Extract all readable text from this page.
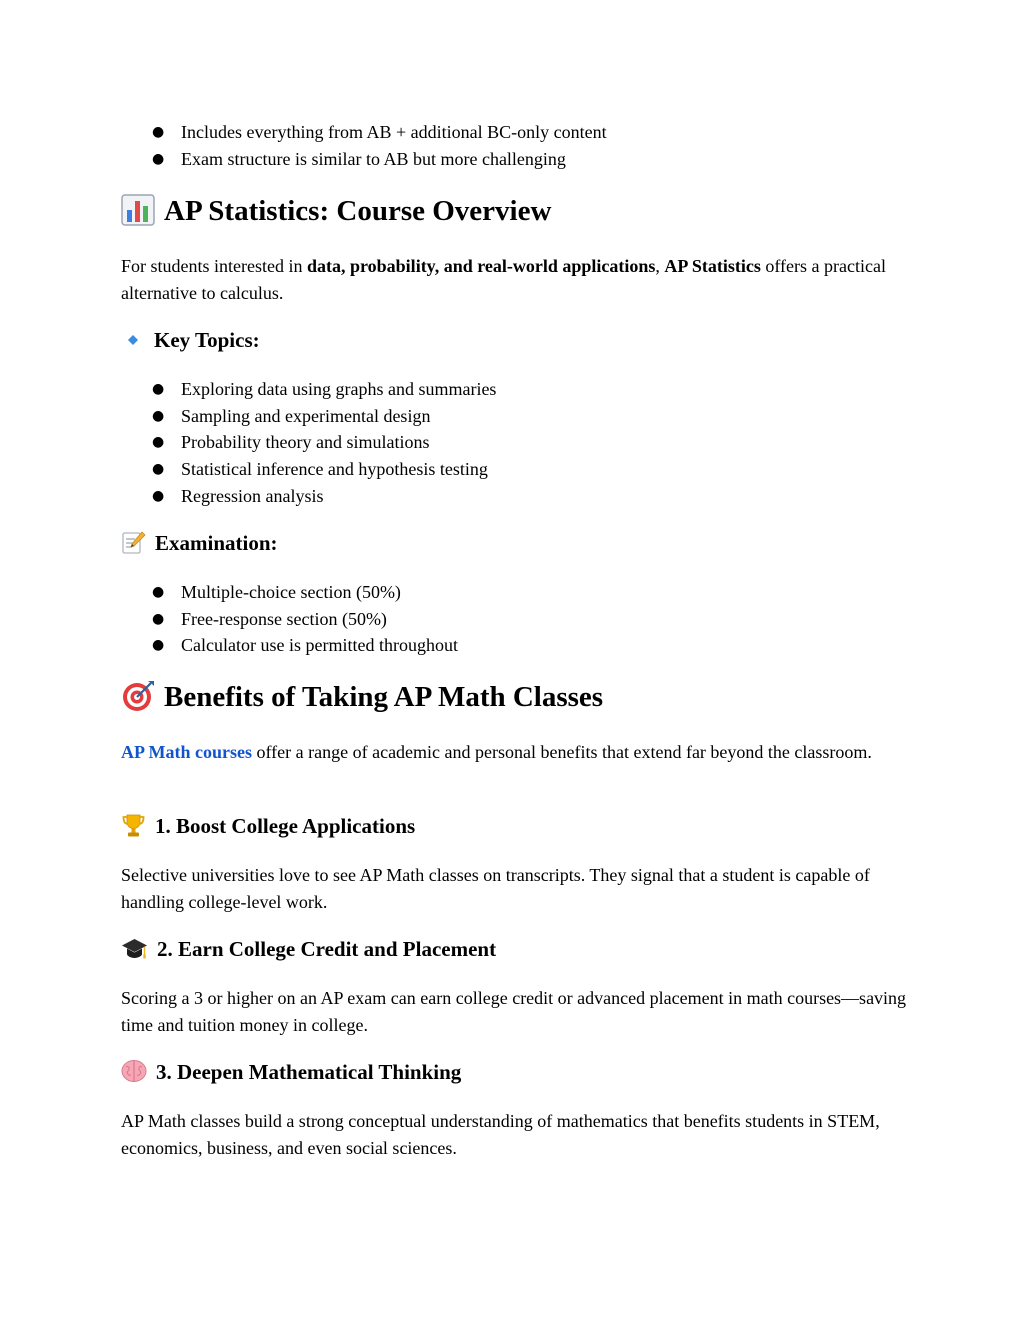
● Includes everything from AB + additional BC-only content
● Exam structure is similar to AB but more challenging
AP Statistics: Course Overview

For students interested in data, probability, and real-world applications, AP Statistics offers a practical alternative to calculus.

Key Topics:
● Exploring data using graphs and summaries
● Sampling and experimental design
● Probability theory and simulations
● Statistical inference and hypothesis testing
● Regression analysis
Examination:
● Multiple-choice section (50%)
● Free-response section (50%)
● Calculator use is permitted throughout
Benefits of Taking AP Math Classes

AP Math courses offer a range of academic and personal benefits that extend far beyond the classroom.

1. Boost College Applications

Selective universities love to see AP Math classes on transcripts. They signal that a student is capable of handling college-level work.

2. Earn College Credit and Placement

Scoring a 3 or higher on an AP exam can earn college credit or advanced placement in math courses—saving time and tuition money in college.

3. Deepen Mathematical Thinking

AP Math classes build a strong conceptual understanding of mathematics that benefits students in STEM, economics, business, and even social sciences.
